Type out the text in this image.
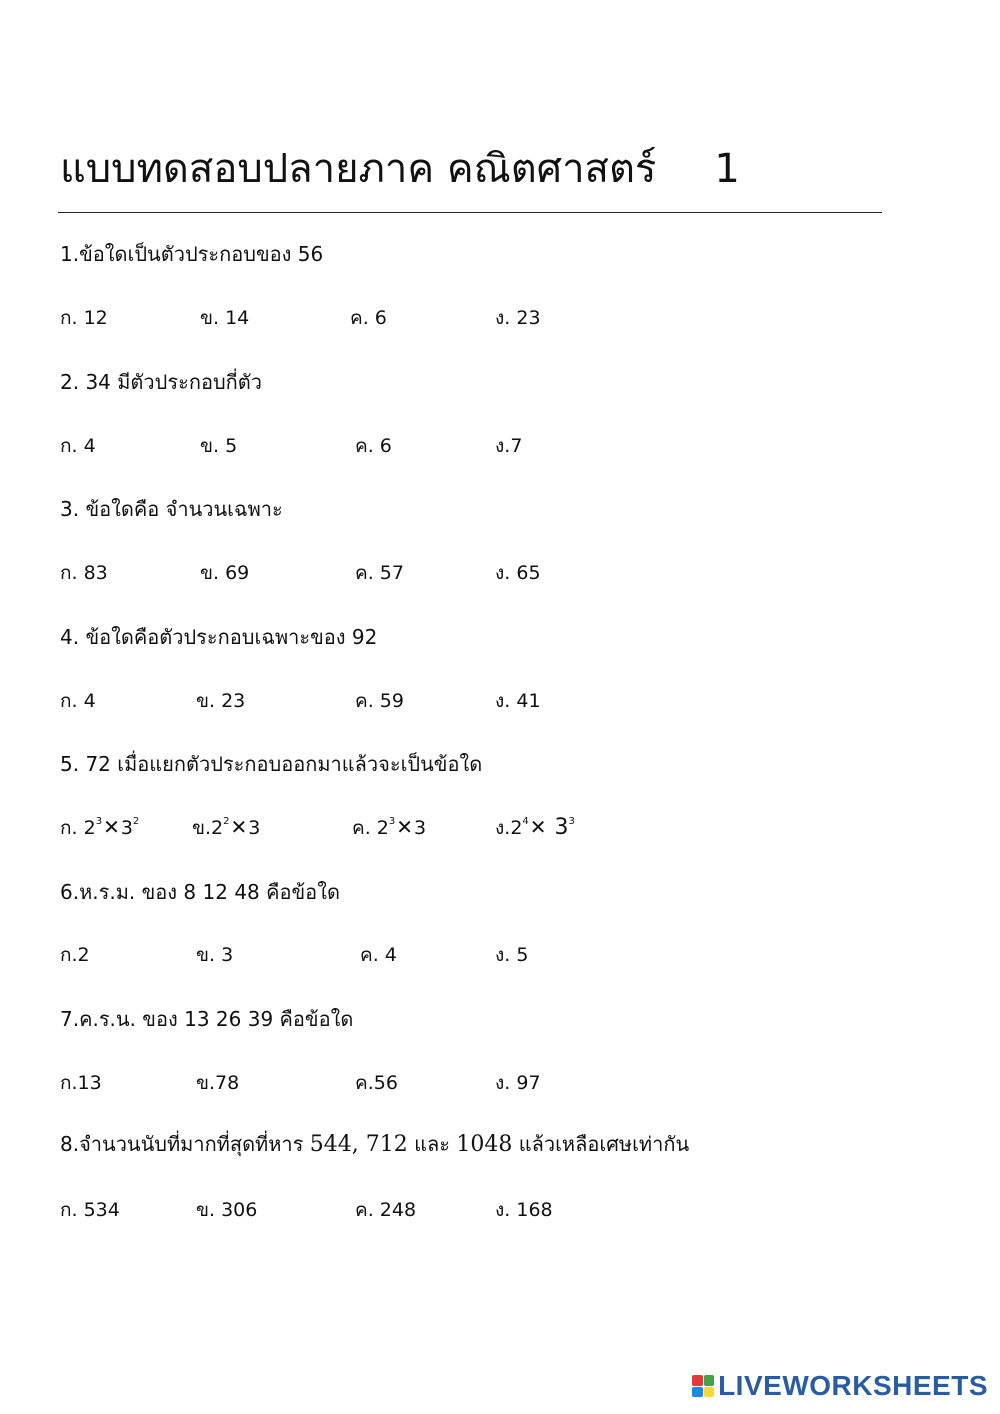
แบบทดสอบปลายภาค คณิตศาสตร์ 1
1.ข้อใดเป็นตัวประกอบของ 56
ก. 12	ข. 14	ค. 6	ง. 23
2. 34 มีตัวประกอบกี่ตัว
ก. 4	ข. 5	ค. 6	ง.7
3. ข้อใดคือ จำนวนเฉพาะ
ก. 83	ข. 69	ค. 57	ง. 65
4. ข้อใดคือตัวประกอบเฉพาะของ 92
ก. 4	ข. 23	ค. 59	ง. 41
5. 72 เมื่อแยกตัวประกอบออกมาแล้วจะเป็นข้อใด
ก. $2^3✕3^2$	ข$.2^2✕3$	ค. $2^3✕3$	ง$.2^4✕$ $3^3$
6.ห.ร.ม. ของ 8 12 48 คือข้อใด
ก.2	ข. 3	ค. 4	ง. 5
7.ค.ร.น. ของ 13 26 39 คือข้อใด
ก.13	ข.78	ค.56	ง. 97
8.จำนวนนับที่มากที่สุดที่หาร 544, 712 และ 1048 แล้วเหลือเศษเท่ากัน
ก. 534	ข. 306	ค. 248	ง. 168
LIVEWORKSHEETS
